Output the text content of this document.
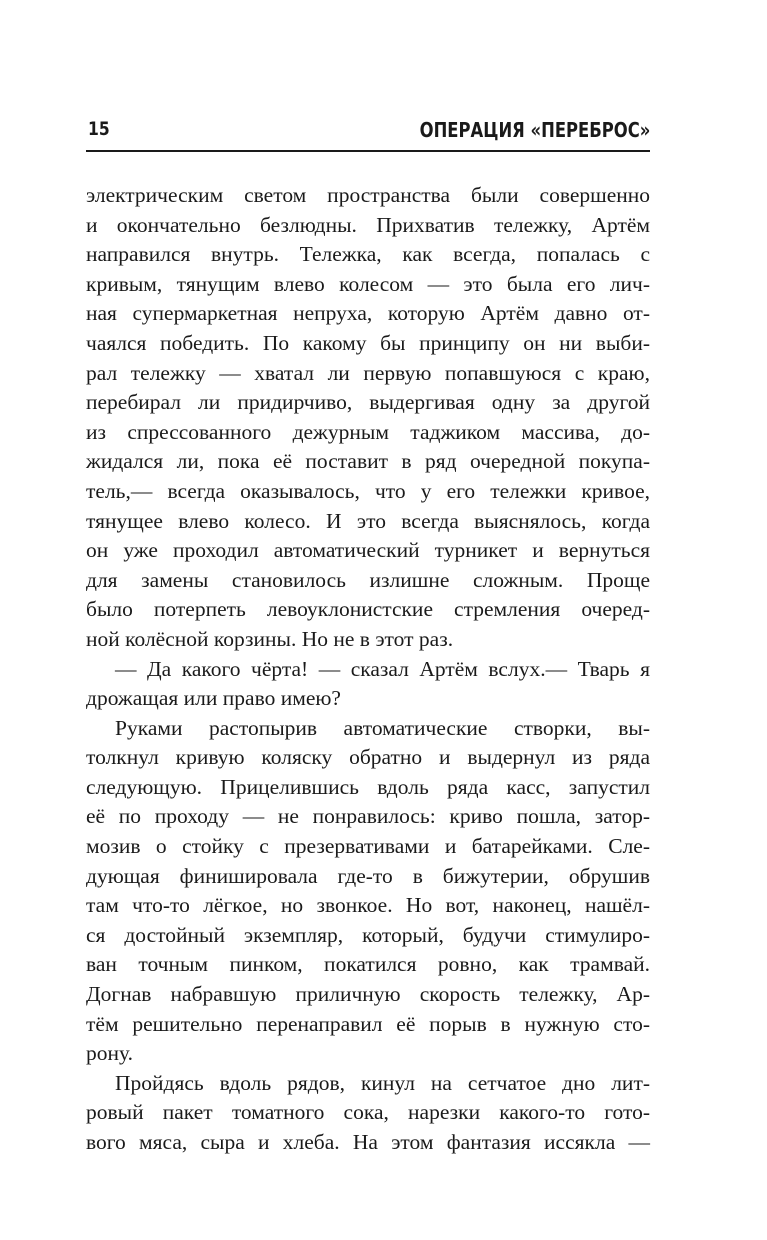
15	ОПЕРАЦИЯ «ПЕРЕБРОС»
электрическим светом пространства были совершенно
и окончательно безлюдны. Прихватив тележку, Артём
направился внутрь. Тележка, как всегда, попалась с
кривым, тянущим влево колесом — это была его лич-
ная супермаркетная непруха, которую Артём давно от-
чаялся победить. По какому бы принципу он ни выби-
рал тележку — хватал ли первую попавшуюся с краю,
перебирал ли придирчиво, выдергивая одну за другой
из спрессованного дежурным таджиком массива, до-
жидался ли, пока её поставит в ряд очередной покупа-
тель,— всегда оказывалось, что у его тележки кривое,
тянущее влево колесо. И это всегда выяснялось, когда
он уже проходил автоматический турникет и вернуться
для замены становилось излишне сложным. Проще
было потерпеть левоуклонистские стремления очеред-
ной колёсной корзины. Но не в этот раз.
— Да какого чёрта! — сказал Артём вслух.— Тварь я
дрожащая или право имею?
Руками растопырив автоматические створки, вы-
толкнул кривую коляску обратно и выдернул из ряда
следующую. Прицелившись вдоль ряда касс, запустил
её по проходу — не понравилось: криво пошла, затор-
мозив о стойку с презервативами и батарейками. Сле-
дующая финишировала где-то в бижутерии, обрушив
там что-то лёгкое, но звонкое. Но вот, наконец, нашёл-
ся достойный экземпляр, который, будучи стимулиро-
ван точным пинком, покатился ровно, как трамвай.
Догнав набравшую приличную скорость тележку, Ар-
тём решительно перенаправил её порыв в нужную сто-
рону.
Пройдясь вдоль рядов, кинул на сетчатое дно лит-
ровый пакет томатного сока, нарезки какого-то гото-
вого мяса, сыра и хлеба. На этом фантазия иссякла —
